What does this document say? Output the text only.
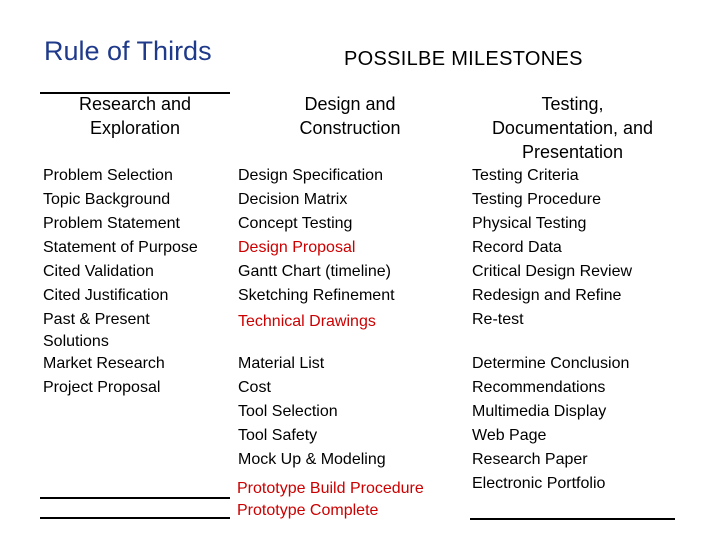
Rule of Thirds	POSSILBE MILESTONES
Research and
Exploration
Design and
Construction
Testing,
Documentation, and
Presentation
Problem Selection
Topic Background
Problem Statement
Statement of Purpose
Cited Validation
Cited Justification
Past & Present Solutions
Market Research
Project Proposal
Design Specification
Decision Matrix
Concept Testing
Design Proposal
Gantt Chart (timeline)
Sketching Refinement
Technical Drawings
Material List
Cost
Tool Selection
Tool Safety
Mock Up & Modeling
Prototype Build Procedure
Prototype Complete
Testing Criteria
Testing Procedure
Physical Testing
Record Data
Critical Design Review
Redesign and Refine
Re-test
Determine Conclusion
Recommendations
Multimedia Display
Web Page
Research Paper
Electronic Portfolio
